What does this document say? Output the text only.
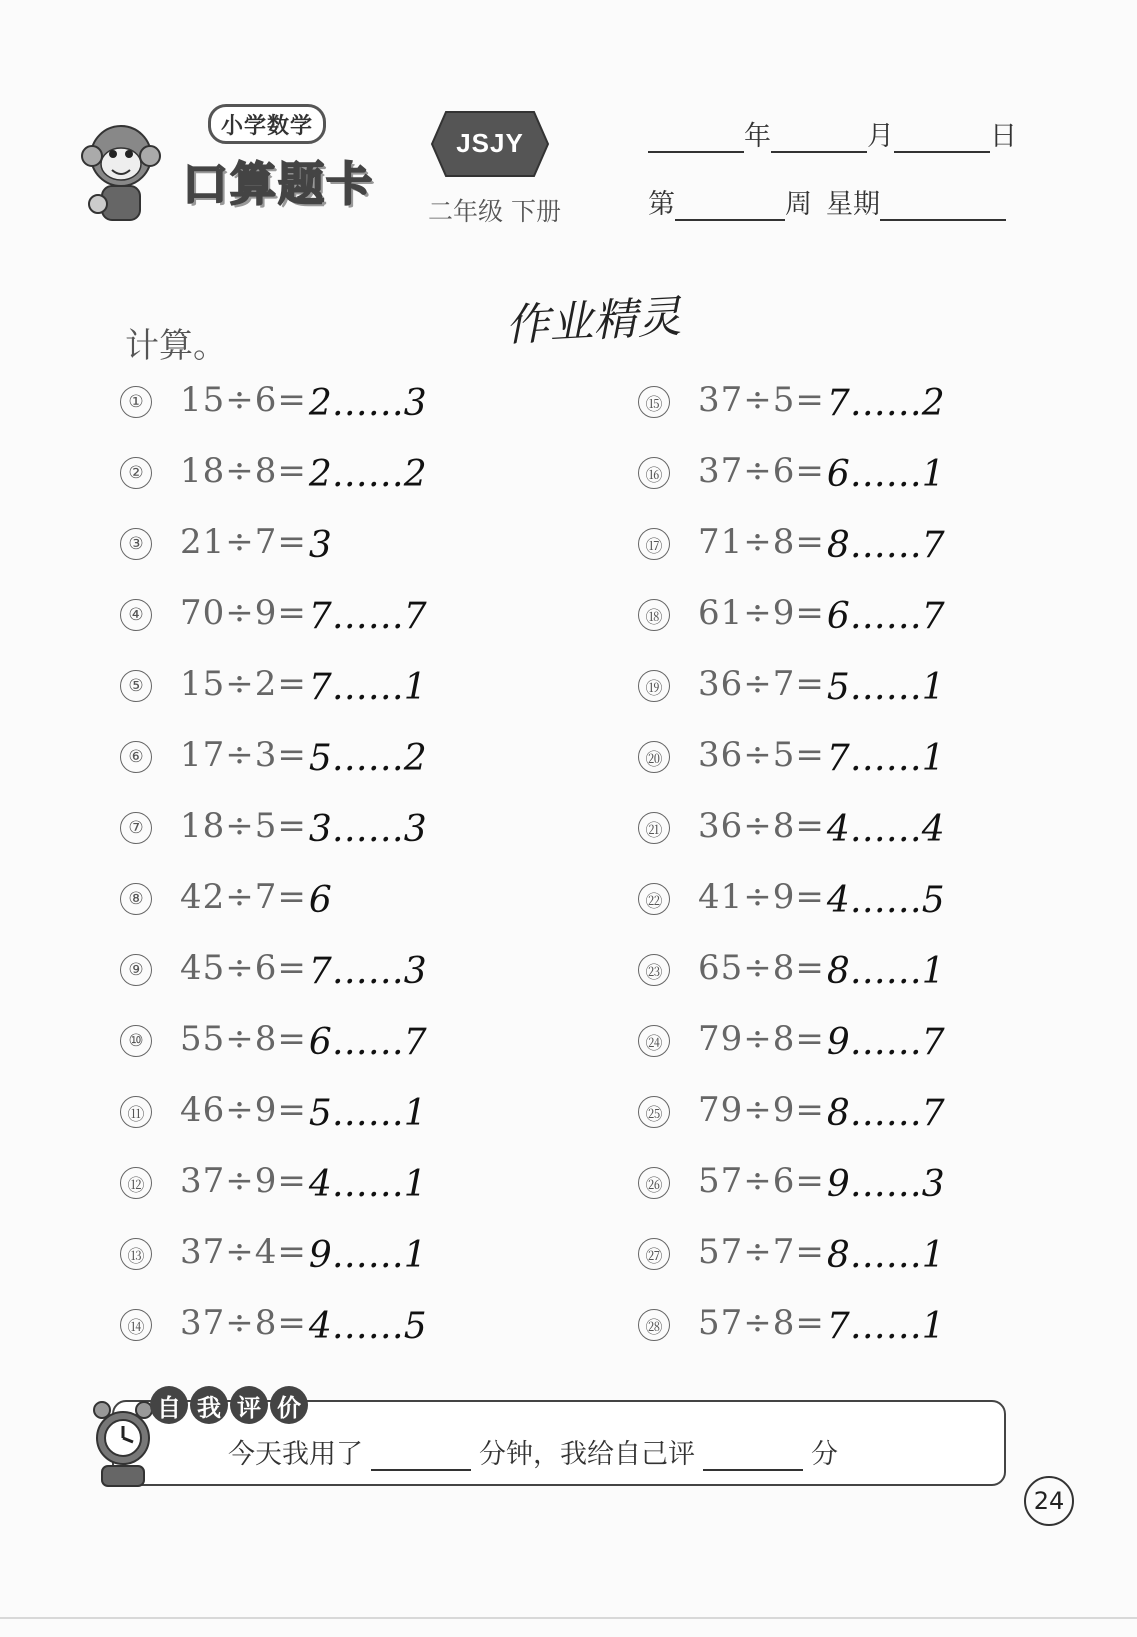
小学数学
口算题卡
JSJY
二年级 下册
年	月	日
第	周 星期
作业精灵
计算。
① 15÷6= 2……3
② 18÷8= 2……2
③ 21÷7= 3
④ 70÷9= 7……7
⑤ 15÷2= 7……1
⑥ 17÷3= 5……2
⑦ 18÷5= 3……3
⑧ 42÷7= 6
⑨ 45÷6= 7……3
⑩ 55÷8= 6……7
⑪ 46÷9= 5……1
⑫ 37÷9= 4……1
⑬ 37÷4= 9……1
⑭ 37÷8= 4……5
⑮ 37÷5= 7……2
⑯ 37÷6= 6……1
⑰ 71÷8= 8……7
⑱ 61÷9= 6……7
⑲ 36÷7= 5……1
⑳ 36÷5= 7……1
㉑ 36÷8= 4……4
㉒ 41÷9= 4……5
㉓ 65÷8= 8……1
㉔ 79÷8= 9……7
㉕ 79÷9= 8……7
㉖ 57÷6= 9……3
㉗ 57÷7= 8……1
㉘ 57÷8= 7……1
自 我 评 价
今天我用了	分钟，我给自己评	分
24
